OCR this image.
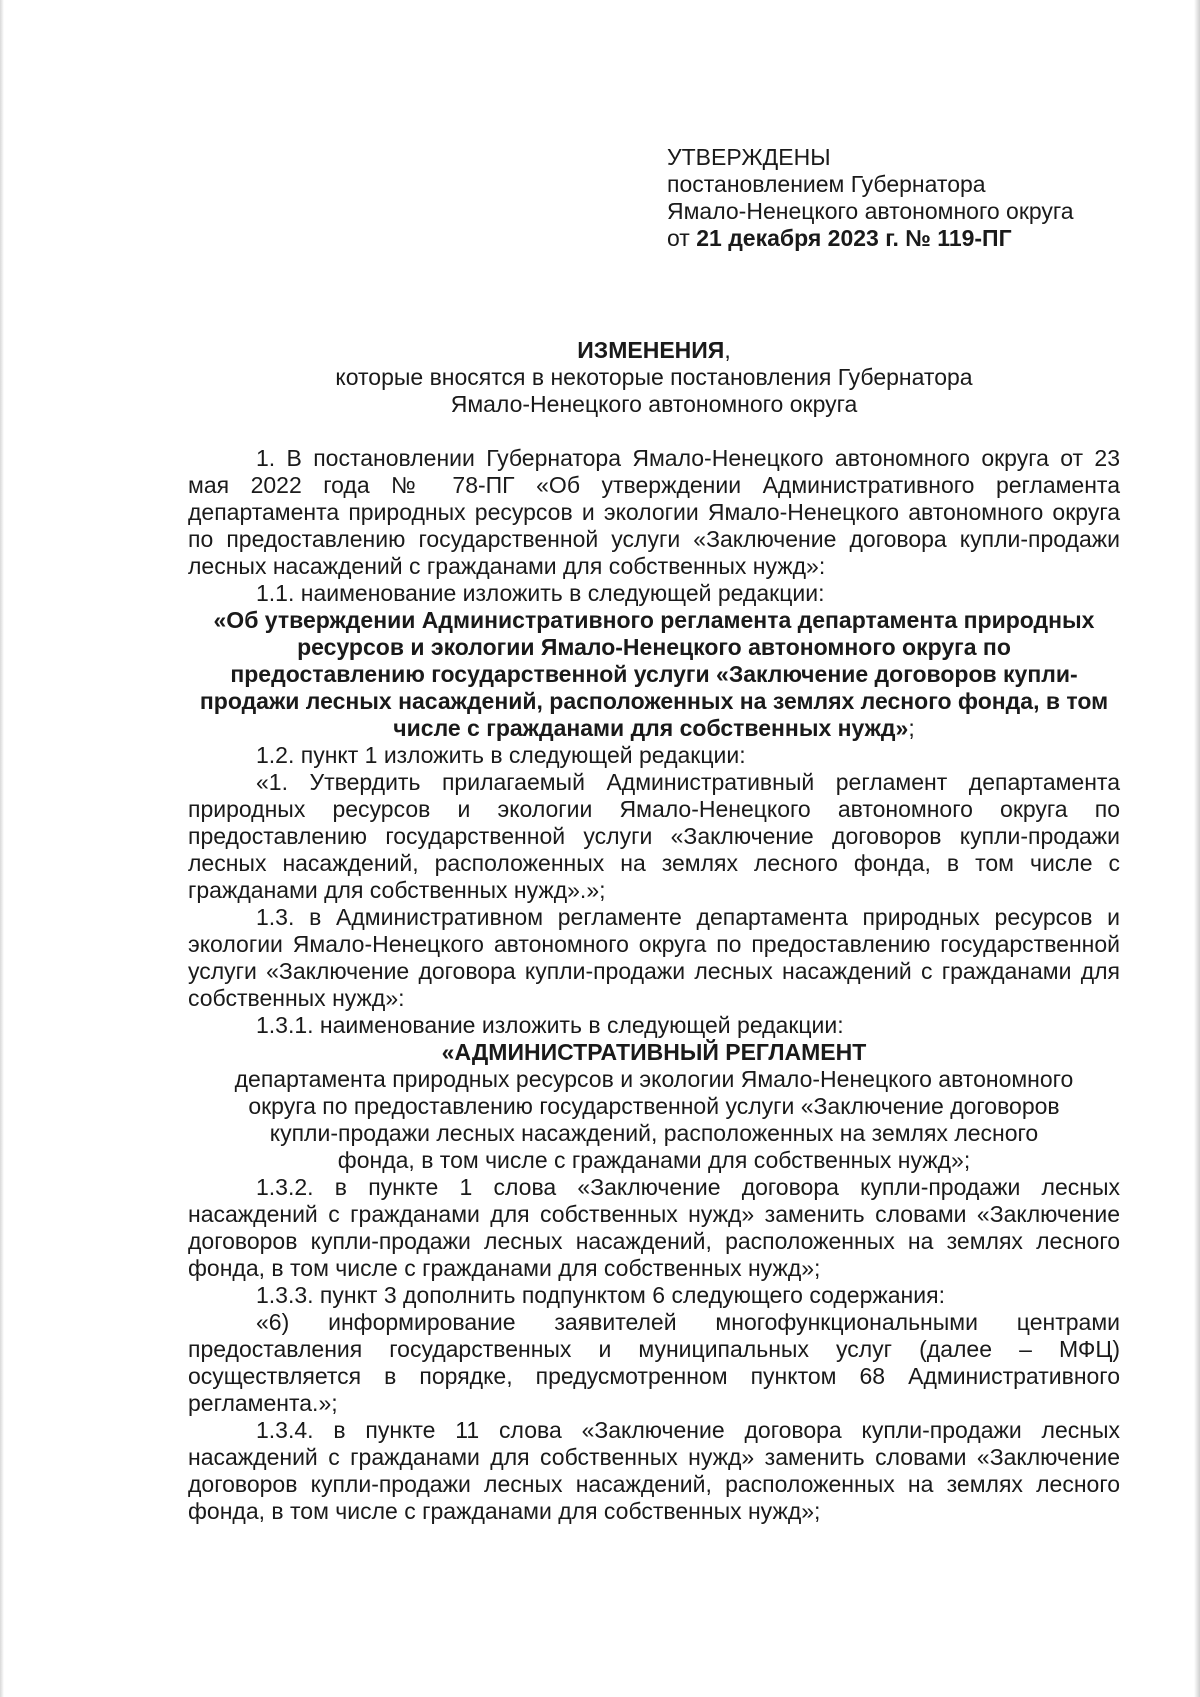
УТВЕРЖДЕНЫ

постановлением Губернатора

Ямало-Ненецкого автономного округа

от 21 декабря 2023 г. № 119-ПГ

ИЗМЕНЕНИЯ,

которые вносятся в некоторые постановления Губернатора

Ямало-Ненецкого автономного округа

1. В постановлении Губернатора Ямало-Ненецкого автономного округа от 23 мая 2022 года № 78-ПГ «Об утверждении Административного регламента департамента природных ресурсов и экологии Ямало-Ненецкого автономного округа по предоставлению государственной услуги «Заключение договора купли-продажи лесных насаждений с гражданами для собственных нужд»:

1.1. наименование изложить в следующей редакции:

«Об утверждении Административного регламента департамента природных ресурсов и экологии Ямало-Ненецкого автономного округа по предоставлению государственной услуги «Заключение договоров купли-продажи лесных насаждений, расположенных на землях лесного фонда, в том числе с гражданами для собственных нужд»;

1.2. пункт 1 изложить в следующей редакции:

«1. Утвердить прилагаемый Административный регламент департамента природных ресурсов и экологии Ямало-Ненецкого автономного округа по предоставлению государственной услуги «Заключение договоров купли-продажи лесных насаждений, расположенных на землях лесного фонда, в том числе с гражданами для собственных нужд».»;

1.3. в Административном регламенте департамента природных ресурсов и экологии Ямало-Ненецкого автономного округа по предоставлению государственной услуги «Заключение договора купли-продажи лесных насаждений с гражданами для собственных нужд»:

1.3.1. наименование изложить в следующей редакции:

«АДМИНИСТРАТИВНЫЙ РЕГЛАМЕНТ

департамента природных ресурсов и экологии Ямало-Ненецкого автономного

округа по предоставлению государственной услуги «Заключение договоров

купли-продажи лесных насаждений, расположенных на землях лесного

фонда, в том числе с гражданами для собственных нужд»;

1.3.2. в пункте 1 слова «Заключение договора купли-продажи лесных насаждений с гражданами для собственных нужд» заменить словами «Заключение договоров купли-продажи лесных насаждений, расположенных на землях лесного фонда, в том числе с гражданами для собственных нужд»;

1.3.3. пункт 3 дополнить подпунктом 6 следующего содержания:

«6) информирование заявителей многофункциональными центрами предоставления государственных и муниципальных услуг (далее – МФЦ) осуществляется в порядке, предусмотренном пунктом 68 Административного регламента.»;

1.3.4. в пункте 11 слова «Заключение договора купли-продажи лесных насаждений с гражданами для собственных нужд» заменить словами «Заключение договоров купли-продажи лесных насаждений, расположенных на землях лесного фонда, в том числе с гражданами для собственных нужд»;
